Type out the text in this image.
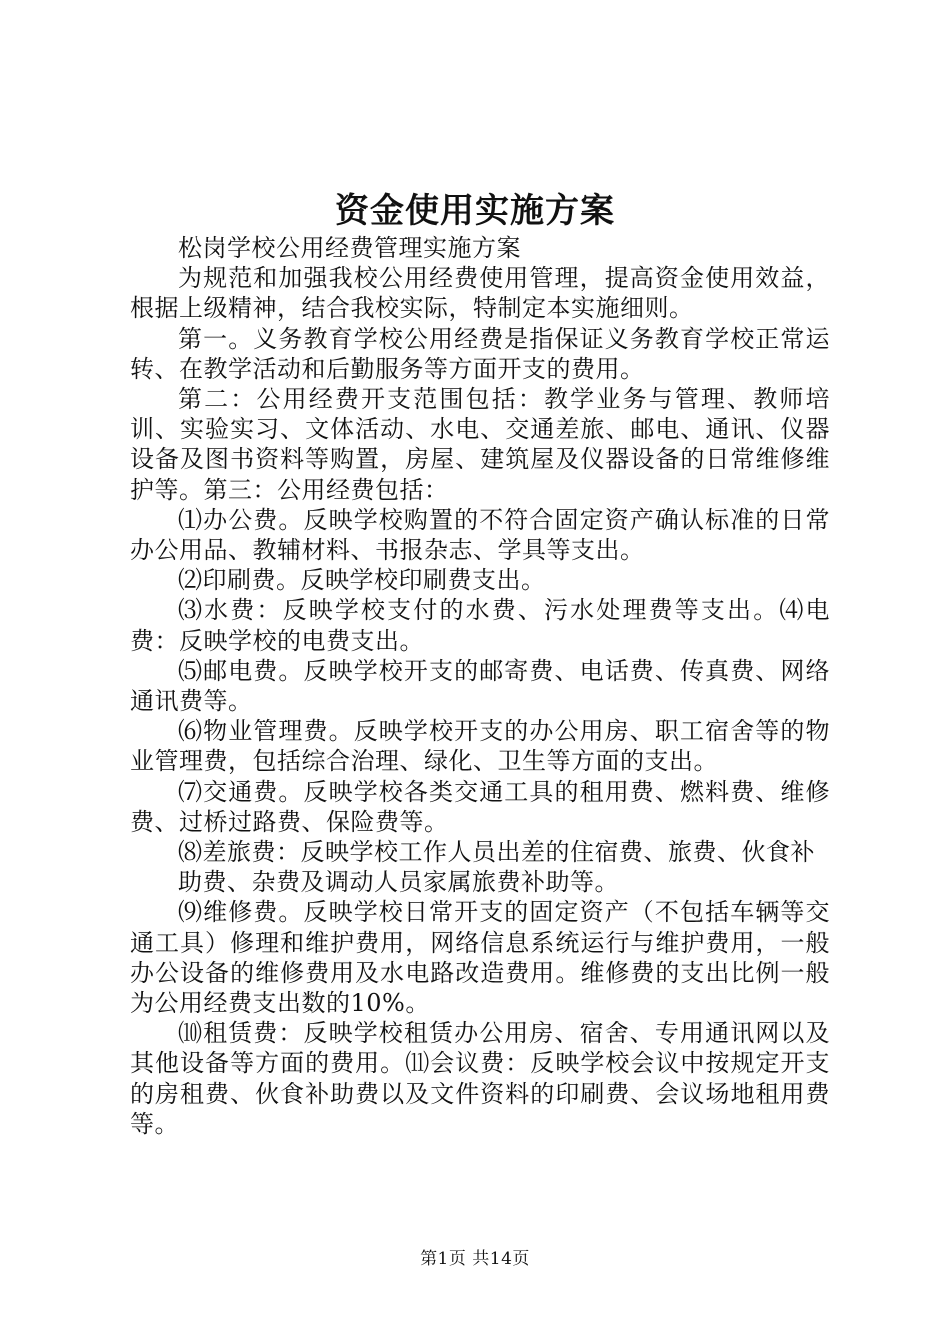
资金使用实施方案

松岗学校公用经费管理实施方案

为规范和加强我校公用经费使用管理，提高资金使用效益，根据上级精神，结合我校实际，特制定本实施细则。

第一。义务教育学校公用经费是指保证义务教育学校正常运转、在教学活动和后勤服务等方面开支的费用。

第二：公用经费开支范围包括：教学业务与管理、教师培训、实验实习、文体活动、水电、交通差旅、邮电、通讯、仪器设备及图书资料等购置，房屋、建筑屋及仪器设备的日常维修维护等。第三：公用经费包括：

⑴办公费。反映学校购置的不符合固定资产确认标准的日常办公用品、教辅材料、书报杂志、学具等支出。

⑵印刷费。反映学校印刷费支出。

⑶水费：反映学校支付的水费、污水处理费等支出。⑷电费：反映学校的电费支出。

⑸邮电费。反映学校开支的邮寄费、电话费、传真费、网络通讯费等。

⑹物业管理费。反映学校开支的办公用房、职工宿舍等的物业管理费，包括综合治理、绿化、卫生等方面的支出。

⑺交通费。反映学校各类交通工具的租用费、燃料费、维修费、过桥过路费、保险费等。

⑻差旅费：反映学校工作人员出差的住宿费、旅费、伙食补

助费、杂费及调动人员家属旅费补助等。

⑼维修费。反映学校日常开支的固定资产（不包括车辆等交通工具）修理和维护费用，网络信息系统运行与维护费用，一般办公设备的维修费用及水电路改造费用。维修费的支出比例一般为公用经费支出数的10%。

⑽租赁费：反映学校租赁办公用房、宿舍、专用通讯网以及其他设备等方面的费用。⑾会议费：反映学校会议中按规定开支的房租费、伙食补助费以及文件资料的印刷费、会议场地租用费等。

第1页 共14页
